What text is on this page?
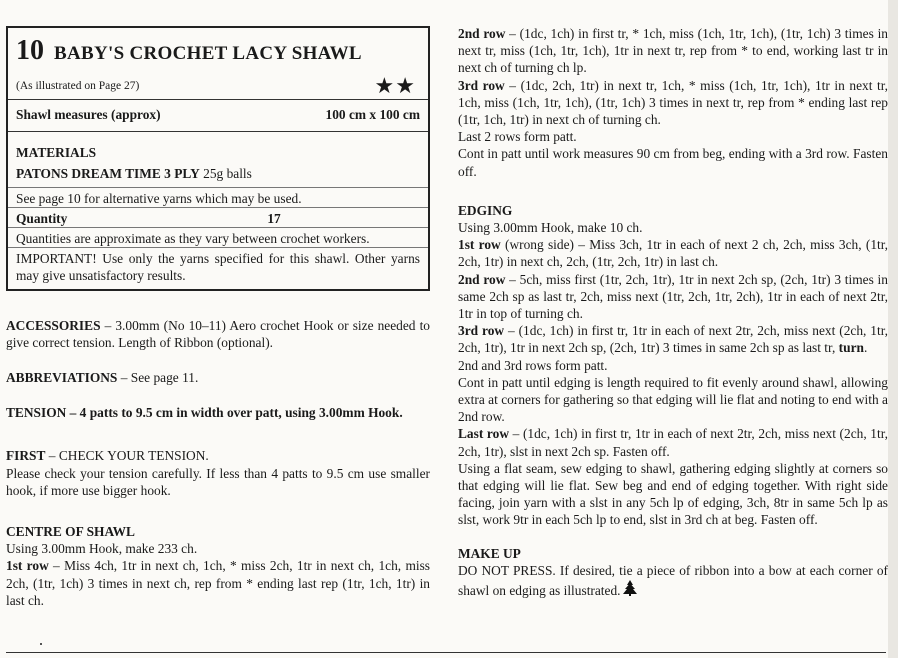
10 BABY'S CROCHET LACY SHAWL
(As illustrated on Page 27)	★★
Shawl measures (approx)	100 cm x 100 cm
MATERIALS
PATONS DREAM TIME 3 PLY 25g balls
See page 10 for alternative yarns which may be used.
Quantity	17
Quantities are approximate as they vary between crochet workers.
IMPORTANT! Use only the yarns specified for this shawl. Other yarns may give unsatisfactory results.
ACCESSORIES – 3.00mm (No 10–11) Aero crochet Hook or size needed to give correct tension. Length of Ribbon (optional).
ABBREVIATIONS – See page 11.
TENSION – 4 patts to 9.5 cm in width over patt, using 3.00mm Hook.
FIRST – CHECK YOUR TENSION.
Please check your tension carefully. If less than 4 patts to 9.5 cm use smaller hook, if more use bigger hook.
CENTRE OF SHAWL
Using 3.00mm Hook, make 233 ch.
1st row – Miss 4ch, 1tr in next ch, 1ch, * miss 2ch, 1tr in next ch, 1ch, miss 2ch, (1tr, 1ch) 3 times in next ch, rep from * ending last rep (1tr, 1ch, 1tr) in last ch.
2nd row – (1dc, 1ch) in first tr, * 1ch, miss (1ch, 1tr, 1ch), (1tr, 1ch) 3 times in next tr, miss (1ch, 1tr, 1ch), 1tr in next tr, rep from * to end, working last tr in next ch of turning ch lp.
3rd row – (1dc, 2ch, 1tr) in next tr, 1ch, * miss (1ch, 1tr, 1ch), 1tr in next tr, 1ch, miss (1ch, 1tr, 1ch), (1tr, 1ch) 3 times in next tr, rep from * ending last rep (1tr, 1ch, 1tr) in next ch of turning ch.
Last 2 rows form patt.
Cont in patt until work measures 90 cm from beg, ending with a 3rd row. Fasten off.
EDGING
Using 3.00mm Hook, make 10 ch.
1st row (wrong side) – Miss 3ch, 1tr in each of next 2 ch, 2ch, miss 3ch, (1tr, 2ch, 1tr) in next ch, 2ch, (1tr, 2ch, 1tr) in last ch.
2nd row – 5ch, miss first (1tr, 2ch, 1tr), 1tr in next 2ch sp, (2ch, 1tr) 3 times in same 2ch sp as last tr, 2ch, miss next (1tr, 2ch, 1tr, 2ch), 1tr in each of next 2tr, 1tr in top of turning ch.
3rd row – (1dc, 1ch) in first tr, 1tr in each of next 2tr, 2ch, miss next (2ch, 1tr, 2ch, 1tr), 1tr in next 2ch sp, (2ch, 1tr) 3 times in same 2ch sp as last tr, turn.
2nd and 3rd rows form patt.
Cont in patt until edging is length required to fit evenly around shawl, allowing extra at corners for gathering so that edging will lie flat and noting to end with a 2nd row.
Last row – (1dc, 1ch) in first tr, 1tr in each of next 2tr, 2ch, miss next (2ch, 1tr, 2ch, 1tr), slst in next 2ch sp. Fasten off.
Using a flat seam, sew edging to shawl, gathering edging slightly at corners so that edging will lie flat. Sew beg and end of edging together. With right side facing, join yarn with a slst in any 5ch lp of edging, 3ch, 8tr in same 5ch lp as slst, work 9tr in each 5ch lp to end, slst in 3rd ch at beg. Fasten off.
MAKE UP
DO NOT PRESS. If desired, tie a piece of ribbon into a bow at each corner of shawl on edging as illustrated.
